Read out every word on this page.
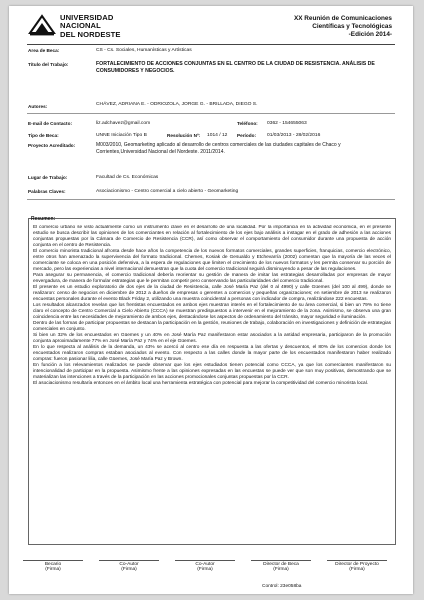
UNIVERSIDAD
NACIONAL
DEL NORDESTE
XX Reunión de Comunicaciones
Científicas y Tecnológicas
-Edición 2014-
Area de Beca:	CS - Cs. Sociales, Humanísticas y Artísticas
Título del Trabajo:	FORTALECIMIENTO DE ACCIONES CONJUNTAS EN EL CENTRO DE LA CIUDAD DE RESISTENCIA. ANÁLISIS DE CONSUMIDORES Y NEGOCIOS.
Autores:	CHÁVEZ, ADRIANA E. - ODRIOZOLA, JORGE G. - BRILLADA, DIEGO S.
E-mail de Contacto:	liz.adchavez@gmail.com	Teléfono: 0362 - 154655063
Tipo de Beca:	UNNE Iniciación Tipo B	Resolución Nº: 1014 / 12 Período: 01/03/2013 - 28/02/2016
Proyecto Acreditado:	M003/2010, Geomarketing aplicado al desarrollo de centros comerciales de las ciudades capitales de Chaco y Corrientes,Universidad Nacional del Nordeste. 2011/2014.
Lugar de Trabajo:	Facultad de Cs. Económicas
Palabras Claves:	Asociacionismo - Centro comercial a cielo abierto - Geomarketing
Resumen:

El comercio urbano se vislo actualmente como un instrumento clave en el desarrollo de una localidad. Por la importancia en la actividad económica, en el presente estudio se busca describir las opiniones de los comerciantes en relación al fortalecimiento de los ejes bajo análisis a instagar en el grado de adhesión a las acciones conjuntas propuestas por la Cámara de Comercio de Resistencia (CCR), así como observar el comportamiento del consumidor durante una propuesta de acción conjunta en el centro de Resistencia.

El comercio minorista tradicional afronta desde hace años la competencia de los nuevos formatos comerciales, grandes superficies, franquicias, comercio electrónico, entre otros han amenazado la supervivencia del formato tradicional. Chemes, Kosiak de Gesualdo y Etchevarría (2002) comentan que la mayoría de las veces el comerciante se coloca en una posición defensiva, a la espera de regulaciones que limiten el crecimiento de los nuevos formatos y les permita conservar su porción de mercado, pero las experiencias a nivel internacional demuestran que la cuota del comercio tradicional seguirá disminuyendo a pesar de las regulaciones.

Para asegurar su permanencia, el comercio tradicional debería reorientar su gestión de manera de imitar las estrategias desarrolladas por empresas de mayor envergadura, de manera de formular estrategias que le permitan competir pero conservando las particularidades del comercio tradicional.

El presente es un estudio exploratorio de dos ejes de la ciudad de Resistencia, calle José María Paz (del 0 al 4990) y calle Güemes (del 100 al 499), donde se realizaron: censo de negocios en diciembre de 2012 a dueños de empresas o gerentes a comercios y pequeñas organizaciones; en setiembre de 2013 se realizaron encuestas personales durante el evento Black Friday 2, utilizando una muestra coincidental a personas con indicador de compra, realizándose 222 encuestas.

Los resultados alcanzados revelan que los frentistas encuestados en ambos ejes muestran interés en el fortalecimiento de su área comercial, si bien un 79% no tiene claro el concepto de Centro Comercial a Cielo Abierto (CCCA) se muestran predispuestos a intervenir en el mejoramiento de la zona. Asimismo, se observa una gran coincidencia entre las necesidades de mejoramiento de ambos ejes, destacándose los aspectos de ordenamiento del tránsito, mayor seguridad e iluminación.

Dentro de las formas de participar propuestas se destacan la participación en la gestión, reuniones de trabajo, colaboración en investigaciones y definición de estrategias comerciales en conjunto.

Si bien un 32% de los encuestados en Güemes y un 40% en José María Paz manifestaron estar asociados a la antidad empresaria, participaron de la promoción conjunta aproximadamente 77% en José María Paz y 74% en el eje Güemes.

En lo que respecta al análisis de la demanda, un 43% se acercó al centro ese día en respuesta a las ofertas y descuentos, el 80% de los comercios donde los encuestados realizaron compras estaban asociados al evento. Con respecto a las calles donde la mayor parte de los encuestados manifestaron haber realizado compras: fueron pasionar lilia, calle Güemes, José María Paz y Brown.

En función a los relevamientos realizados se puede observar que los ejes estudiados tienen potencial como CCCA, ya que los comerciantes manifestaron su intencionalidad de participar en la propuesta. Asimismo frente a las opiniones expresadas en las encuestas se puede ver que son muy positivas, demostrando que se materializan las intenciones a través de la participación en las acciones promocionales conjuntas propuestas por la CCR.

El asociacionismo resultaría entonces en el ámbito local una herramienta estratégica con potencial para mejorar la competitividad del comercio minorista local.

Becario
(Firma)
Co-Autor
(Firma)
Co-Autor
(Firma)
Director de Beca
(Firma)
Director de Proyecto
(Firma)
Control: 23e058ba
